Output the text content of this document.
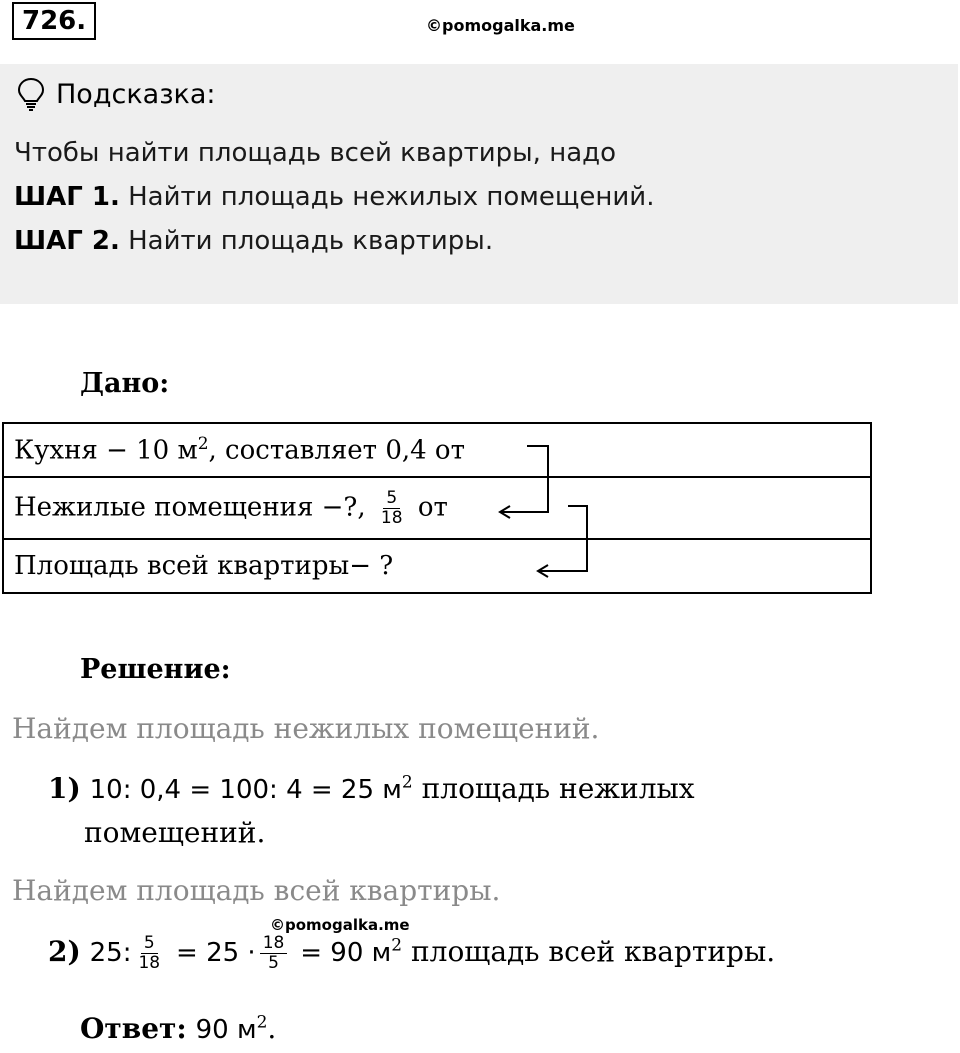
726.	©pomogalka.me
Подсказка:
Чтобы найти площадь всей квартиры, надо
ШАГ 1. Найти площадь нежилых помещений.
ШАГ 2. Найти площадь квартиры.
Дано:
Кухня − 10 $м^2$, составляет 0,4 от
Нежилые помещения −?, $\frac{5}{18}$ от
Площадь всей квартиры− ?
Решение:
Найдем площадь нежилых помещений.
1) 10: 0,4 = 100: 4 = 25 $м^2$ площадь нежилых
помещений.
Найдем площадь всей квартиры.
©pomogalka.me
2) 25: $\frac{5}{18} = 25 \cdot \frac{18}{5} = 90$ $м^2$ площадь всей квартиры.
Ответ: 90 $м^2$.
